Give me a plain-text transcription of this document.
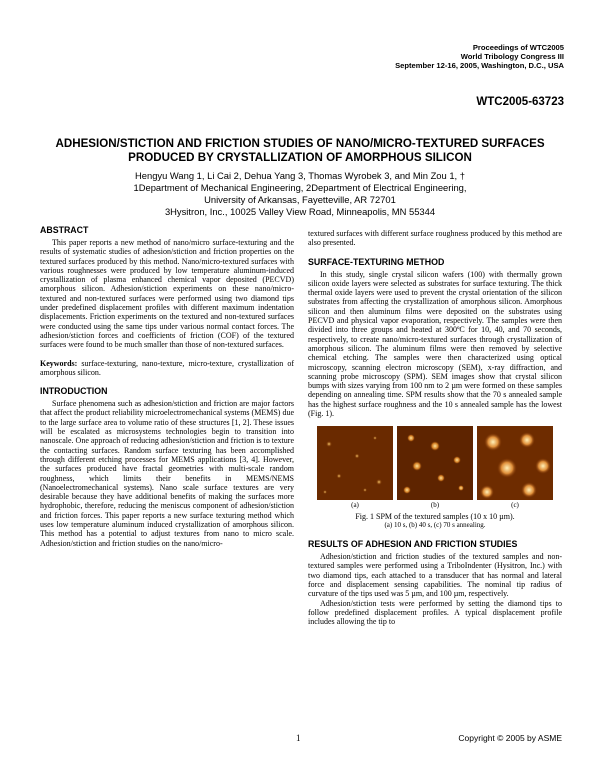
Proceedings of WTC2005
World Tribology Congress III
September 12-16, 2005, Washington, D.C., USA
WTC2005-63723
ADHESION/STICTION AND FRICTION STUDIES OF NANO/MICRO-TEXTURED SURFACES
PRODUCED BY CRYSTALLIZATION OF AMORPHOUS SILICON
Hengyu Wang 1, Li Cai 2, Dehua Yang 3, Thomas Wyrobek 3, and Min Zou 1, †
1Department of Mechanical Engineering, 2Department of Electrical Engineering,
University of Arkansas, Fayetteville, AR 72701
3Hysitron, Inc., 10025 Valley View Road, Minneapolis, MN 55344
ABSTRACT

This paper reports a new method of nano/micro surface-texturing and the results of systematic studies of adhesion/stiction and friction properties on the textured surfaces produced by this method. Nano/micro-textured surfaces with various roughnesses were produced by low temperature aluminum-induced crystallization of plasma enhanced chemical vapor deposited (PECVD) amorphous silicon. Adhesion/stiction experiments on these nano/micro-textured and non-textured surfaces were performed using two diamond tips under predefined displacement profiles with different maximum indentation displacements. Friction experiments on the textured and non-textured surfaces were conducted using the same tips under various normal contact forces. The adhesion/stiction forces and coefficients of friction (COF) of the textured surfaces were found to be much smaller than those of non-textured surfaces.

Keywords: surface-texturing, nano-texture, micro-texture, crystallization of amorphous silicon.

INTRODUCTION

Surface phenomena such as adhesion/stiction and friction are major factors that affect the product reliability microelectromechanical systems (MEMS) due to the large surface area to volume ratio of these structures [1, 2]. These issues will be escalated as microsystems technologies begin to transition into nanoscale. One approach of reducing adhesion/stiction and friction is to texture the contacting surfaces. Random surface texturing has been accomplished through different etching processes for MEMS applications [3, 4]. However, the surfaces produced have fractal geometries with multi-scale random roughness, which limits their benefits in MEMS/NEMS (Nanoelectromechanical systems). Nano scale surface textures are very desirable because they have additional benefits of making the surfaces more hydrophobic, therefore, reducing the meniscus component of adhesion/stiction and friction forces. This paper reports a new surface texturing method which uses low temperature aluminum induced crystallization of amorphous silicon. This method has a potential to adjust textures from nano to micro scale. Adhesion/stiction and friction studies on the nano/micro-

textured surfaces with different surface roughness produced by this method are also presented.

SURFACE-TEXTURING METHOD

In this study, single crystal silicon wafers (100) with thermally grown silicon oxide layers were selected as substrates for surface texturing. The thick thermal oxide layers were used to prevent the crystal orientation of the silicon substrates from affecting the crystallization of amorphous silicon. Amorphous silicon and then aluminum films were deposited on the substrates using PECVD and physical vapor evaporation, respectively. The samples were then divided into three groups and heated at 300ºC for 10, 40, and 70 seconds, respectively, to create nano/micro-textured surfaces through crystallization of amorphous silicon. The aluminum films were then removed by selective chemical etching. The samples were then characterized using optical microscopy, scanning electron microscopy (SEM), x-ray diffraction, and scanning probe microscopy (SPM). SEM images show that crystal silicon bumps with sizes varying from 100 nm to 2 µm were formed on these samples depending on annealing time. SPM results show that the 70 s annealed sample has the highest surface roughness and the 10 s annealed sample has the lowest (Fig. 1).

(a)	(b)	(c)
Fig. 1 SPM of the textured samples (10 x 10 µm).
(a) 10 s, (b) 40 s, (c) 70 s annealing.
RESULTS OF ADHESION AND FRICTION STUDIES

Adhesion/stiction and friction studies of the textured samples and non-textured samples were performed using a TriboIndenter (Hysitron, Inc.) with two diamond tips, each attached to a transducer that has normal and lateral force and displacement sensing capabilities. The nominal tip radius of curvature of the tips used was 5 µm, and 100 µm, respectively.

Adhesion/stiction tests were performed by setting the diamond tips to follow predefined displacement profiles. A typical displacement profile includes allowing the tip to

1	Copyright © 2005 by ASME
